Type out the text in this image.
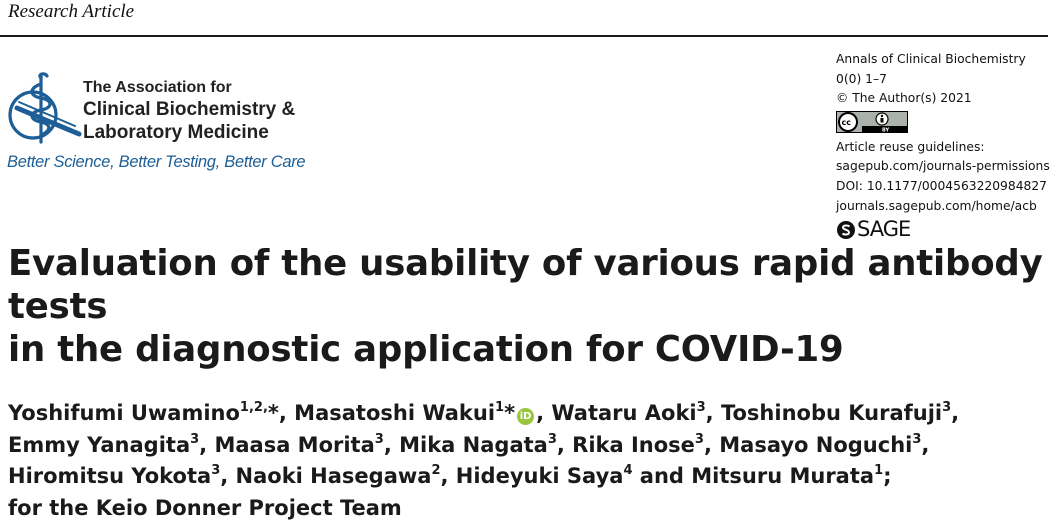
Research Article
The Association for
Clinical Biochemistry &
Laboratory Medicine
Better Science, Better Testing, Better Care
Annals of Clinical Biochemistry
0(0) 1–7
© The Author(s) 2021
BY
cc
Article reuse guidelines:
sagepub.com/journals-permissions
DOI: 10.1177/0004563220984827
journals.sagepub.com/home/acb
SAGE
Evaluation of the usability of various rapid antibody tests
in the diagnostic application for COVID-19
Yoshifumi Uwamino$^{1,2,}$*, Masatoshi Wakui$^1$* iD , Wataru Aoki$^3$, Toshinobu Kurafuji$^3$,
Emmy Yanagita$^3$, Maasa Morita$^3$, Mika Nagata$^3$, Rika Inose$^3$, Masayo Noguchi$^3$,
Hiromitsu Yokota$^3$, Naoki Hasegawa$^2$, Hideyuki Saya$^4$ and Mitsuru Murata$^1$;
for the Keio Donner Project Team
